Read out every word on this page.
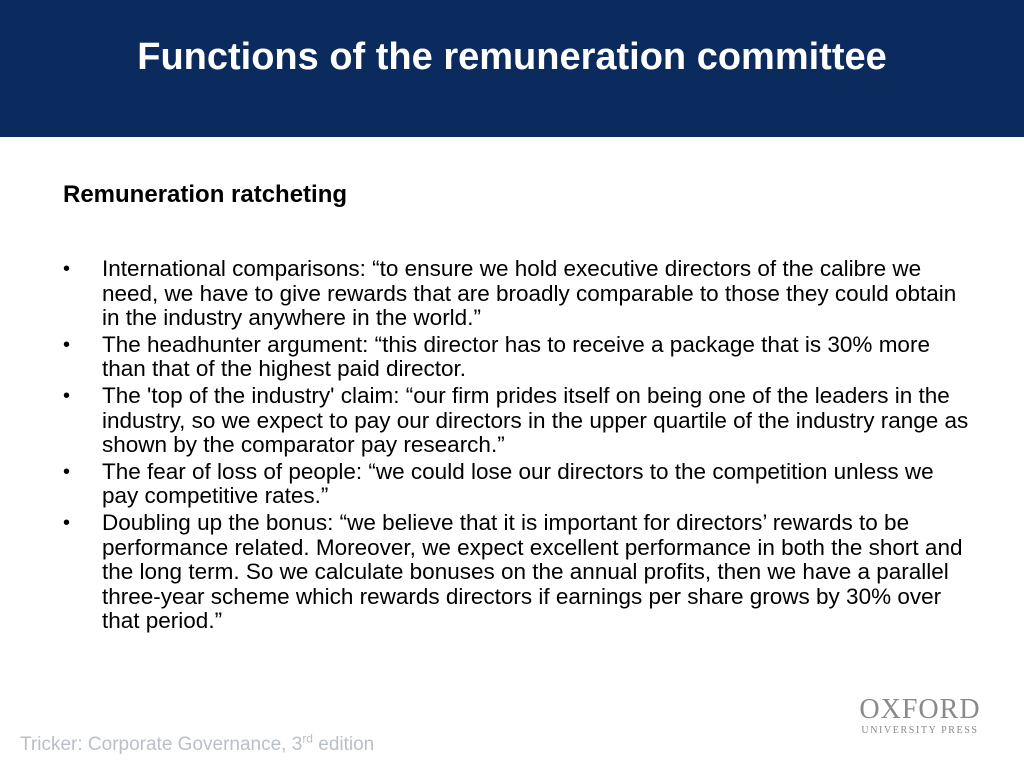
Functions of the remuneration committee
Remuneration ratcheting
• International comparisons: “to ensure we hold executive directors of the calibre we need, we have to give rewards that are broadly comparable to those they could obtain in the industry anywhere in the world.”
• The headhunter argument: “this director has to receive a package that is 30% more than that of the highest paid director.
• The 'top of the industry' claim: “our firm prides itself on being one of the leaders in the industry, so we expect to pay our directors in the upper quartile of the industry range as shown by the comparator pay research.”
• The fear of loss of people: “we could lose our directors to the competition unless we pay competitive rates.”
• Doubling up the bonus: “we believe that it is important for directors’ rewards to be performance related. Moreover, we expect excellent performance in both the short and the long term. So we calculate bonuses on the annual profits, then we have a parallel three-year scheme which rewards directors if earnings per share grows by 30% over that period.”

Tricker: Corporate Governance, 3rd edition

OXFORD
UNIVERSITY PRESS
